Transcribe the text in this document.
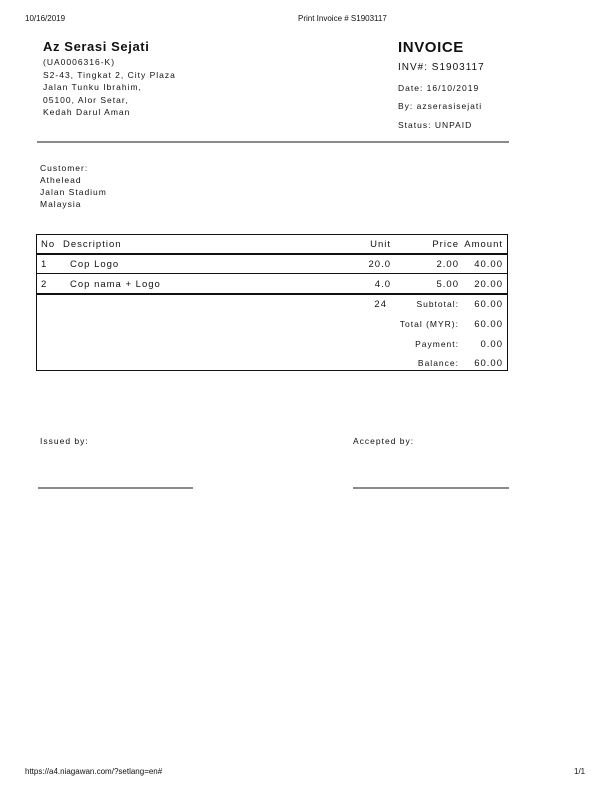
10/16/2019	Print Invoice # S1903117
https://a4.niagawan.com/?setlang=en#	1/1
Az Serasi Sejati
(UA0006316-K)
S2-43, Tingkat 2, City Plaza
Jalan Tunku Ibrahim,
05100, Alor Setar,
Kedah Darul Aman
INVOICE
INV#: S1903117
Date: 16/10/2019
By: azserasisejati
Status: UNPAID
Customer:
Athelead
Jalan Stadium
Malaysia
No Description	Unit	Price Amount
1 Cop Logo	20.0	2.00 40.00
2 Cop nama + Logo	4.0	5.00 20.00
24	Subtotal: 60.00
Total (MYR): 60.00
Payment: 0.00
Balance: 60.00
Issued by:	Accepted by:
